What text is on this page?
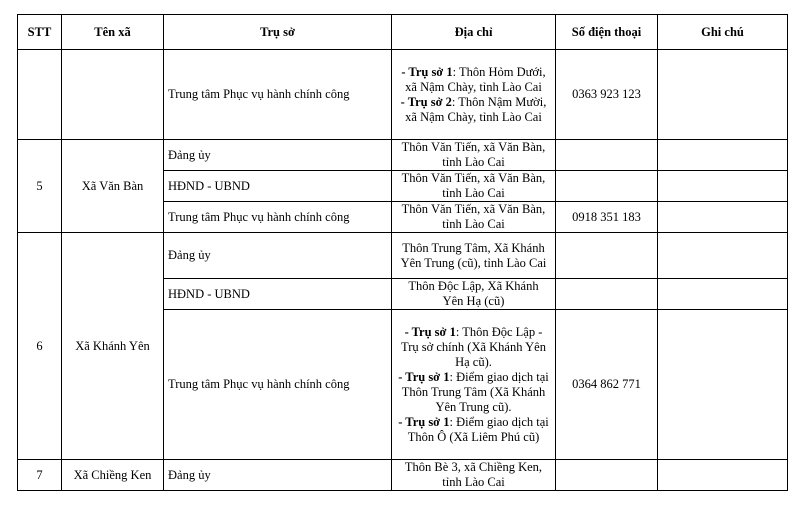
STT	Tên xã	Trụ sở	Địa chỉ	Số điện thoại	Ghi chú
		Trung tâm Phục vụ hành chính công	- Trụ sở 1: Thôn Hỏm Dưới, xã Nậm Chày, tỉnh Lào Cai
- Trụ sở 2: Thôn Nậm Mười, xã Nậm Chày, tỉnh Lào Cai	0363 923 123	
5	Xã Văn Bàn	Đảng ủy	Thôn Văn Tiến, xã Văn Bàn, tỉnh Lào Cai		
		HĐND - UBND	Thôn Văn Tiến, xã Văn Bàn, tỉnh Lào Cai		
		Trung tâm Phục vụ hành chính công	Thôn Văn Tiến, xã Văn Bàn, tỉnh Lào Cai	0918 351 183	
6	Xã Khánh Yên	Đảng ủy	Thôn Trung Tâm, Xã Khánh Yên Trung (cũ), tỉnh Lào Cai		
		HĐND - UBND	Thôn Độc Lập, Xã Khánh Yên Hạ (cũ)		
		Trung tâm Phục vụ hành chính công	- Trụ sở 1: Thôn Độc Lập - Trụ sở chính (Xã Khánh Yên Hạ cũ).
- Trụ sở 1: Điểm giao dịch tại Thôn Trung Tâm (Xã Khánh Yên Trung cũ).
- Trụ sở 1: Điểm giao dịch tại Thôn Ô (Xã Liêm Phú cũ)	0364 862 771	
7	Xã Chiềng Ken	Đảng ủy	Thôn Bè 3, xã Chiềng Ken, tỉnh Lào Cai		
